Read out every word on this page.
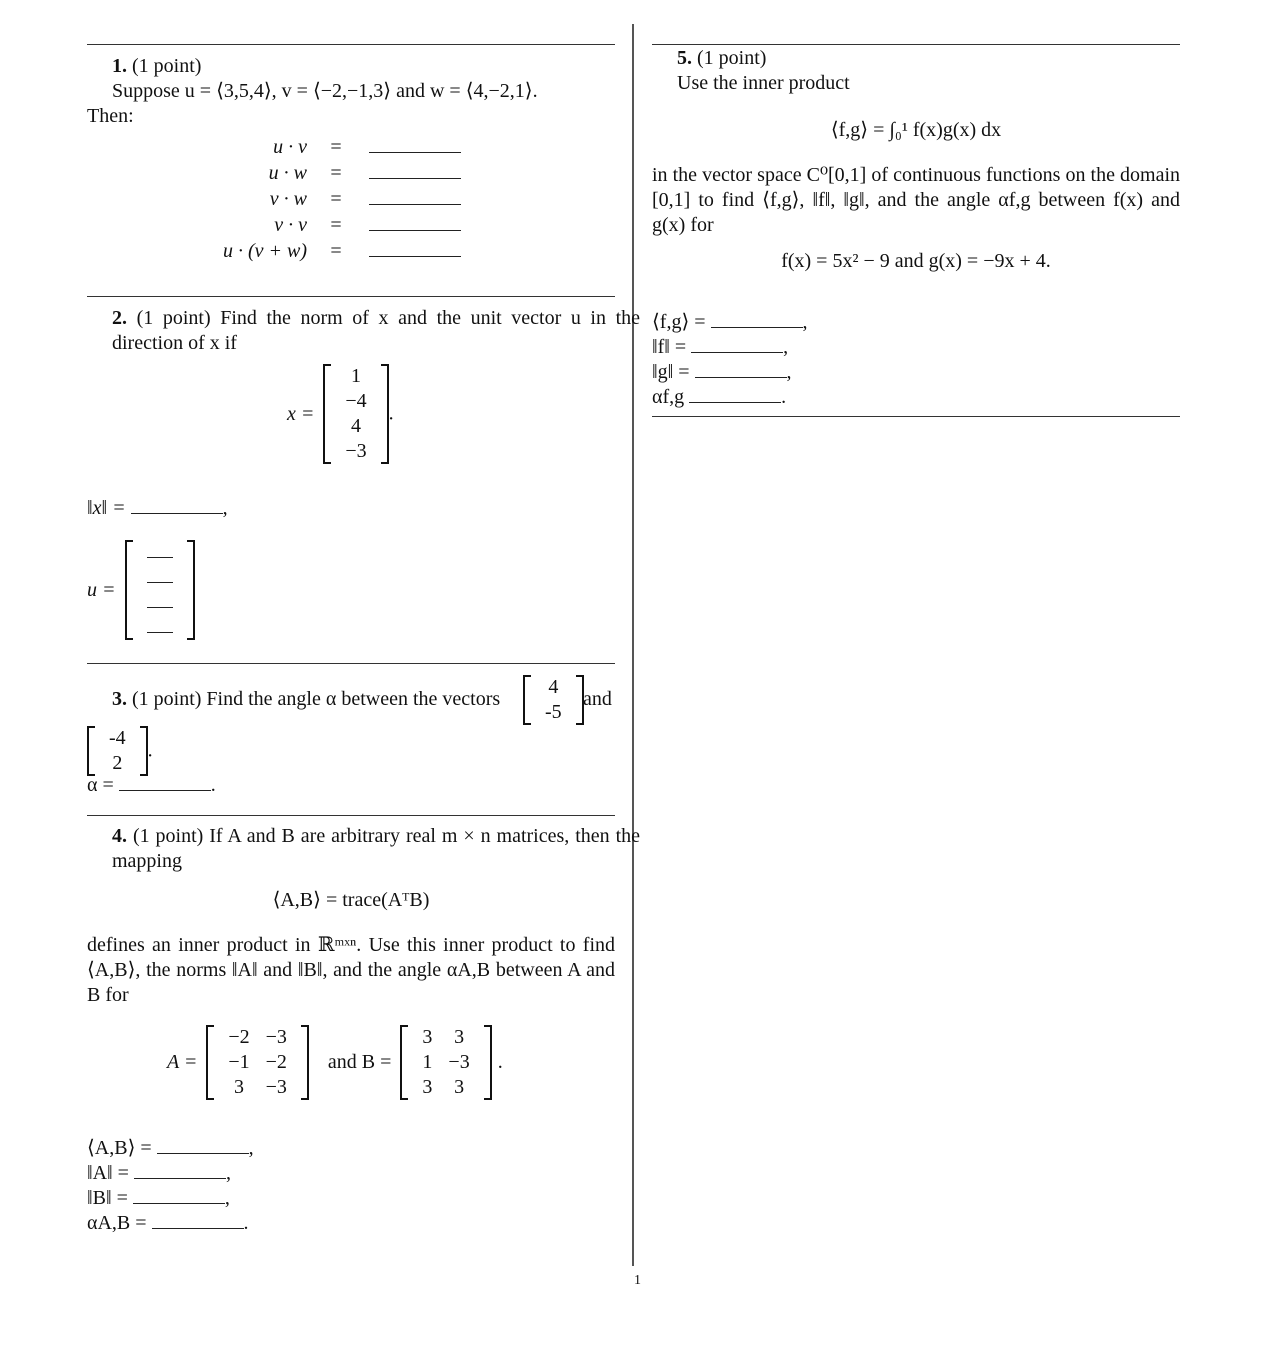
1. (1 point)
Suppose u = ⟨3,5,4⟩, v = ⟨−2,−1,3⟩ and w = ⟨4,−2,1⟩.
Then:
u · v	=	
u · w	=	
v · w	=	
v · v	=	
u · (v + w)	=	
2. (1 point) Find the norm of x and the unit vector u in the direction of x if
x =
1
−4
4
−3
.
‖x‖ =	,
u =

3. (1 point) Find the angle α between the vectors
4
-5
and
-4
2
.
α =	.
4. (1 point) If A and B are arbitrary real m × n matrices, then the mapping
⟨A,B⟩ = trace(AᵀB)
defines an inner product in ℝᵐˣⁿ. Use this inner product to find ⟨A,B⟩, the norms ‖A‖ and ‖B‖, and the angle αA,B between A and B for
A =
−2	−3
−1	−2
3	−3
and B =
3	3
1	−3
3	3
.
⟨A,B⟩ =	,
‖A‖ =	,
‖B‖ =	,
αA,B =	.
5. (1 point)
Use the inner product
⟨f,g⟩ = ∫₀¹ f(x)g(x) dx
in the vector space C⁰[0,1] of continuous functions on the domain [0,1] to find ⟨f,g⟩, ‖f‖, ‖g‖, and the angle αf,g between f(x) and g(x) for
f(x) = 5x² − 9 and g(x) = −9x + 4.
⟨f,g⟩ =	,
‖f‖ =	,
‖g‖ =	,
αf,g	.
1
